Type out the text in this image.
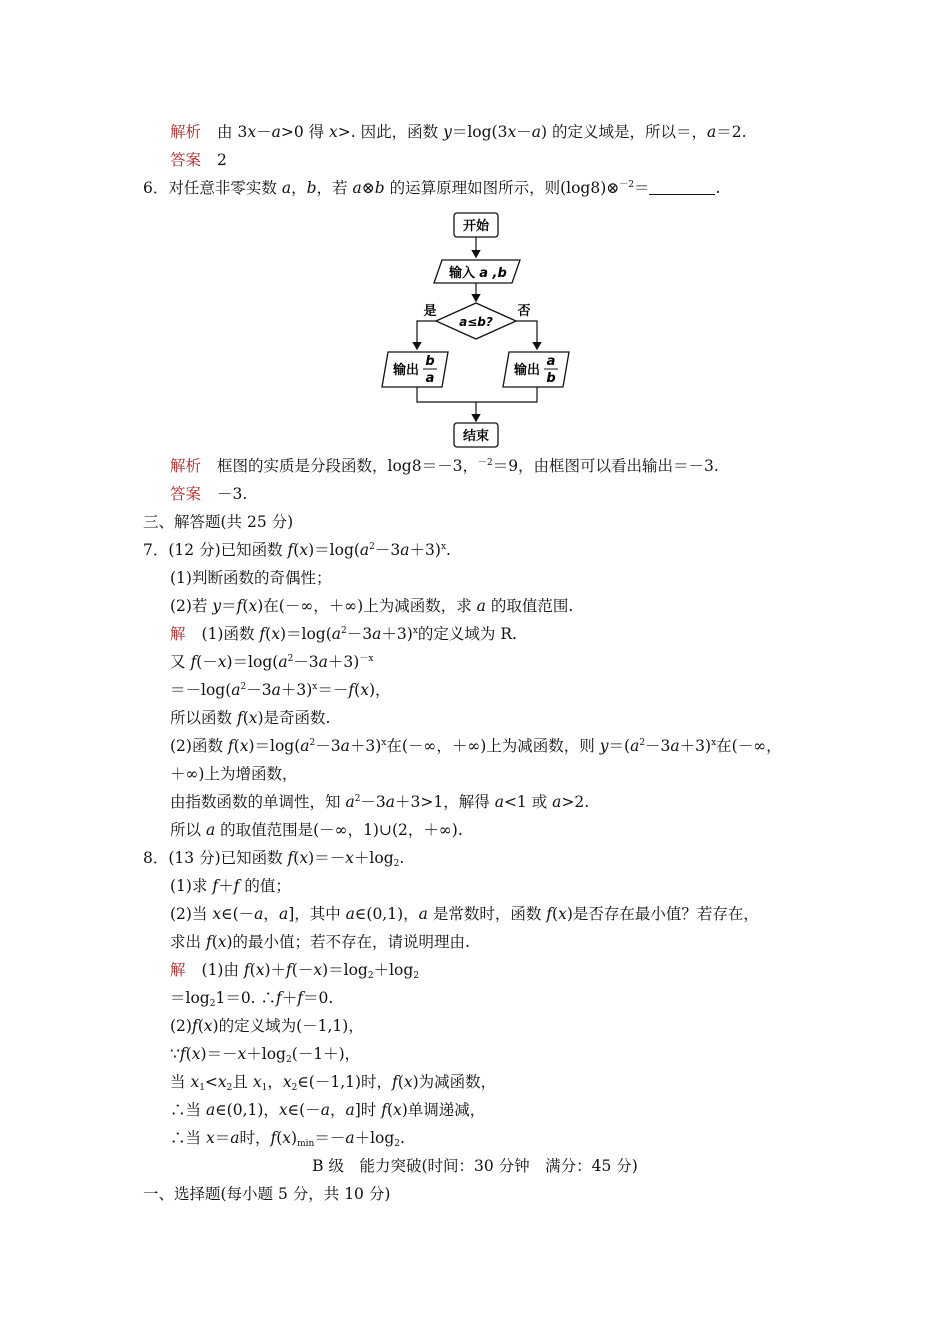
解析 由 3x－a>0 得 x>. 因此，函数 y＝log(3x－a) 的定义域是，所以＝，a＝2.
答案 2
6．对任意非零实数 a，b，若 a⊗b 的运算原理如图所示，则(log8)⊗$^{-2}$＝	.
开始
输入 a ,b
a≤b?
是	否
输出
b
a
输出
a
b
结束
解析 框图的实质是分段函数，log8＝－3，$^{-2}$＝9，由框图可以看出输出＝－3.
答案 －3.
三、解答题(共 25 分)
7．(12 分)已知函数 $f(x)=\log(a^2-3a+3)^x$.
(1)判断函数的奇偶性；
(2)若 y＝f(x)在(－∞，＋∞)上为减函数，求 a 的取值范围.
解 (1)函数 $f(x)=\log(a^2-3a+3)^x$的定义域为 R.
又 $f(-x)=\log(a^2-3a+3)^{-x}$
$=-\log(a^2-3a+3)^x=-f(x)$，
所以函数 f(x)是奇函数.
(2)函数 $f(x)=\log(a^2-3a+3)^x$在(－∞，＋∞)上为减函数，则 $y=(a^2-3a+3)^x$在(－∞，
＋∞)上为增函数，
由指数函数的单调性，知 $a^2-3a+3>1$，解得 a<1 或 a>2.
所以 a 的取值范围是(－∞，1)∪(2，＋∞).
8．(13 分)已知函数 $f(x)=-x+\log_2$.
(1)求 f＋f 的值；
(2)当 x∈(－a，a]，其中 a∈(0,1)，a 是常数时，函数 f(x)是否存在最小值？若存在，
求出 f(x)的最小值；若不存在，请说明理由.
解 (1)由 $f(x)+f(-x)=\log_2+\log_2$
$=\log_21=0$. ∴f＋f＝0.
(2)f(x)的定义域为(－1,1)，
$\because f(x)=-x+\log_2(-1+)$，
当 $x_1<x_2$且 $x_1$，$x_2\in(-1,1)$时，f(x)为减函数，
∴当 a∈(0,1)，x∈(－a，a]时 f(x)单调递减，
∴当 x＝a时，$f(x)_{min}=-a+\log_2$.
B 级　能力突破(时间：30 分钟　满分：45 分)
一、选择题(每小题 5 分，共 10 分)
